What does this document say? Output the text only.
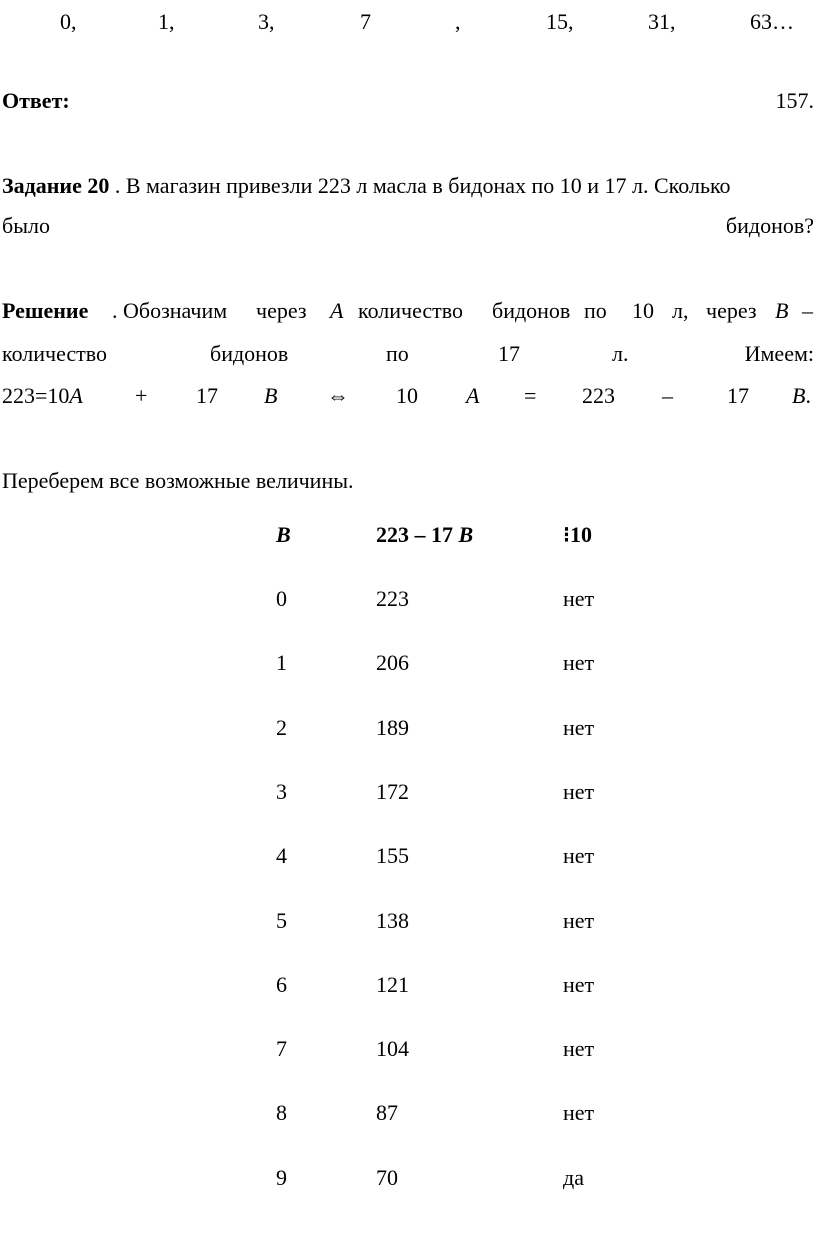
0,	1,	3,	7	,	15,	31,	63…
Ответ:	157.
Задание 20 . В магазин привезли 223 л масла в бидонах по 10 и 17 л. Сколько
было	бидонов?
Решение . Обозначим через A количество бидонов по 10 л, через B –
количество	бидонов	по	17	л.	Имеем:
223=10A + 17 B ⇔ 10 A = 223 – 17 B.
Переберем все возможные величины.
B	223 – 17 B	⁝10
0	223	нет
1	206	нет
2	189	нет
3	172	нет
4	155	нет
5	138	нет
6	121	нет
7	104	нет
8	87	нет
9	70	да
